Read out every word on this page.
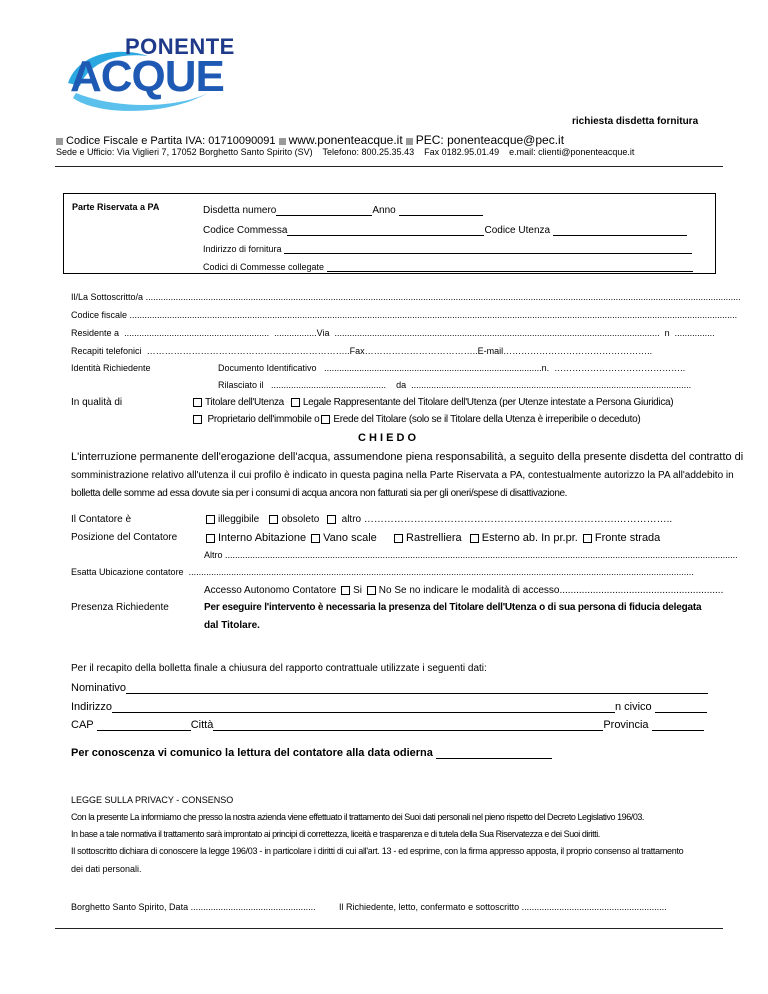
PONENTE
ACQUE
richiesta disdetta fornitura
Codice Fiscale e Partita IVA: 01710090091 www.ponenteacque.it PEC: ponenteacque@pec.it
Sede e Ufficio: Via Viglieri 7, 17052 Borghetto Santo Spirito (SV) Telefono: 800.25.35.43 Fax 0182.95.01.49 e.mail: clienti@ponenteacque.it
Parte Riservata a PA	Disdetta numero	Anno
Codice Commessa	Codice Utenza
Indirizzo di fornitura
Codici di Commesse collegate
Il/La Sottoscritto/a ..............................................................................................................................................................................................................................................
Codice fiscale ...................................................................................................................................................................................................................................................
Residente a .......................................................... .................Via .................................................................................................................................. n ................
Recapiti telefonici …………………………………………………………..Fax………………………………..E-mail…………………………………………..
Identità Richiedente	Documento Identificativo .......................................................................................n. ……………………………………..
Rilasciato il .............................................. da ................................................................................................................
In qualità di	Titolare dell'Utenza Legale Rappresentante del Titolare dell'Utenza (per Utenze intestate a Persona Giuridica)
Proprietario dell'immobile o Erede del Titolare (solo se il Titolare della Utenza è irreperibile o deceduto)
C H I E D O
L'interruzione permanente dell'erogazione dell'acqua, assumendone piena responsabilità, a seguito della presente disdetta del contratto di
somministrazione relativo all'utenza il cui profilo è indicato in questa pagina nella Parte Riservata a PA, contestualmente autorizzo la PA all'addebito in
bolletta delle somme ad essa dovute sia per i consumi di acqua ancora non fatturati sia per gli oneri/spese di disattivazione.
Il Contatore è	illeggibile obsoleto altro ………………………………………………………………….……………..
Posizione del Contatore	Interno Abitazione Vano scale	Rastrelliera Esterno ab. In pr.pr. Fronte strada
Altro .............................................................................................................................................................................................................
Esatta Ubicazione contatore ..........................................................................................................................................................................................................
Accesso Autonomo Contatore Si No Se no indicare le modalità di accesso...........................................................
Presenza Richiedente	Per eseguire l'intervento è necessaria la presenza del Titolare dell'Utenza o di sua persona di fiducia delegata
dal Titolare.
Per il recapito della bolletta finale a chiusura del rapporto contrattuale utilizzate i seguenti dati:
Nominativo
Indirizzo	n civico
CAP	Città	Provincia
Per conoscenza vi comunico la lettura del contatore alla data odierna
LEGGE SULLA PRIVACY - CONSENSO
Con la presente La informiamo che presso la nostra azienda viene effettuato il trattamento dei Suoi dati personali nel pieno rispetto del Decreto Legislativo 196/03.
In base a tale normativa il trattamento sarà improntato ai principi di correttezza, liceità e trasparenza e di tutela della Sua Riservatezza e dei Suoi diritti.
Il sottoscritto dichiara di conoscere la legge 196/03 - in particolare i diritti di cui all'art. 13 - ed esprime, con la firma appresso apposta, il proprio consenso al trattamento
dei dati personali.
Borghetto Santo Spirito, Data ..................................................	Il Richiedente, letto, confermato e sottoscritto ..........................................................
